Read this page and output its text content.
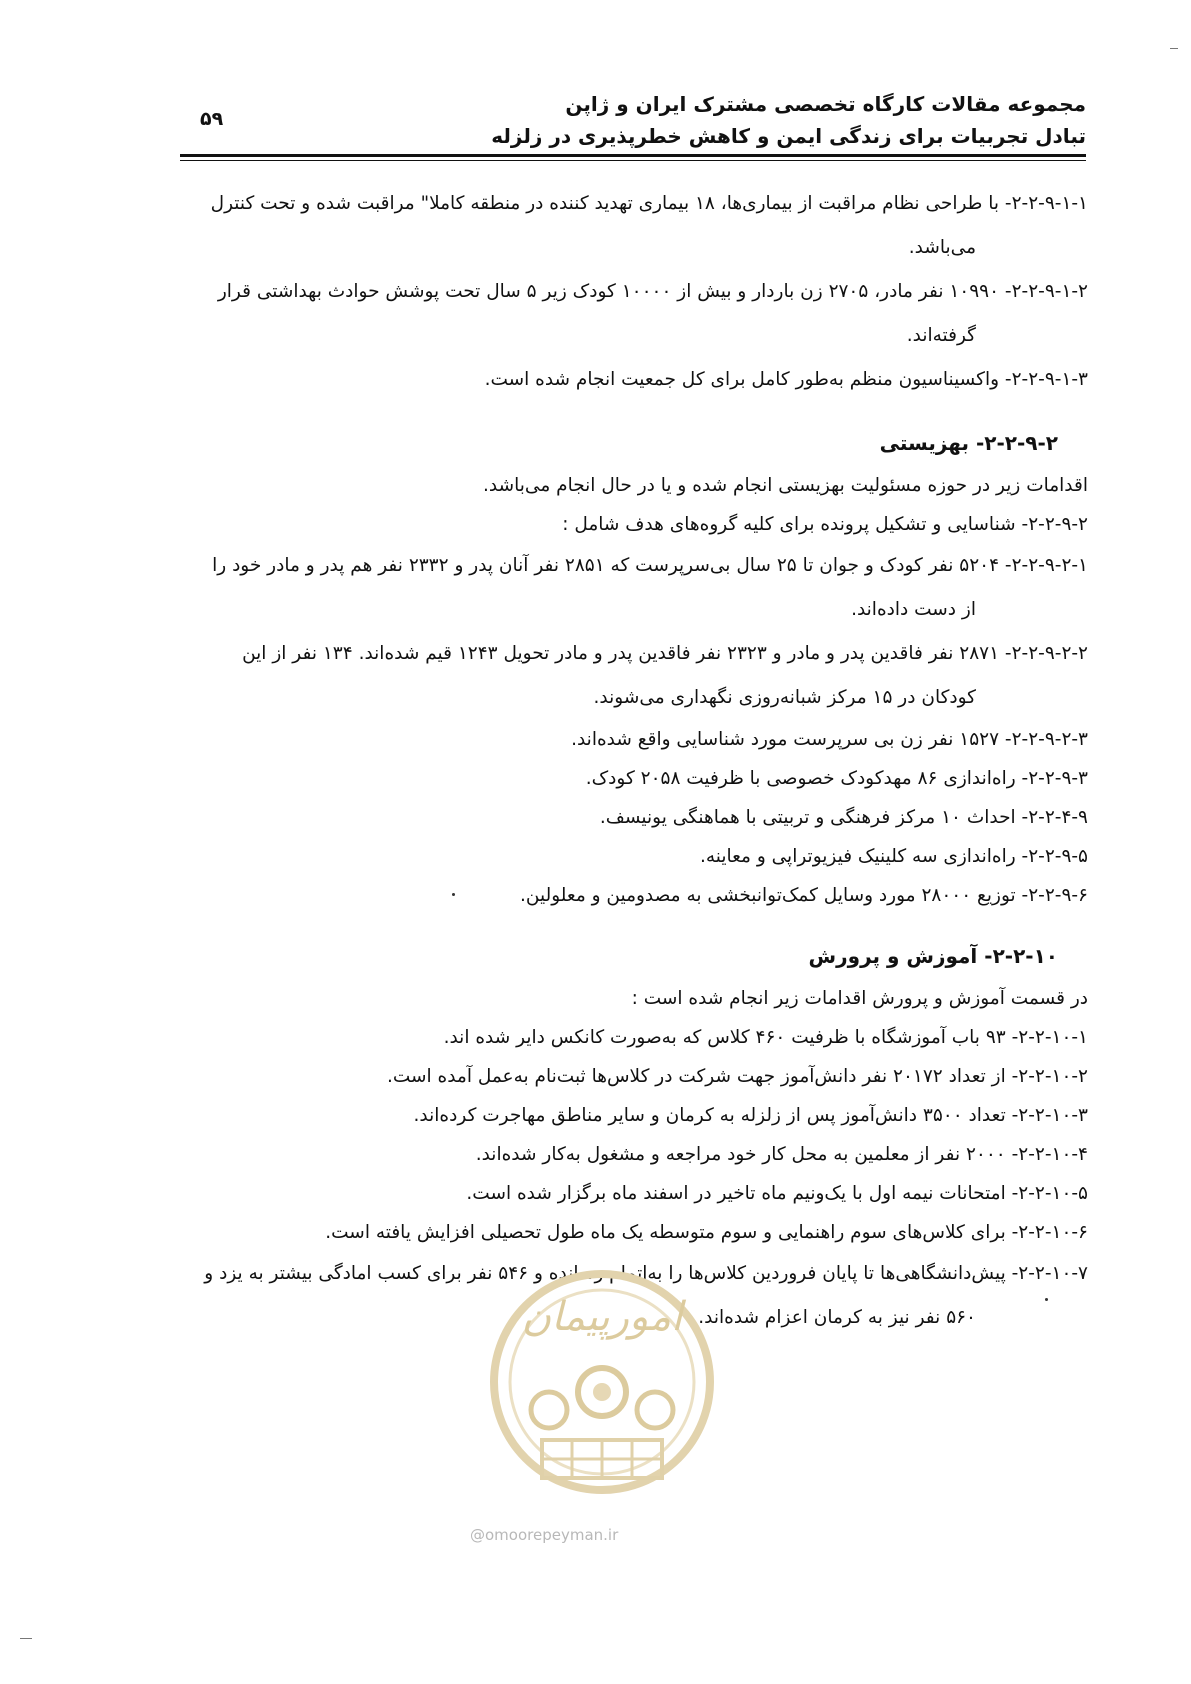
۵۹
مجموعه مقالات کارگاه تخصصی مشترک ایران و ژاپن
تبادل تجربیات برای زندگی ایمن و کاهش خطرپذیری در زلزله

۲-۲-۹-۱-۱- با طراحی نظام مراقبت از بیماری‌ها، ۱۸ بیماری تهدید کننده در منطقه کاملا" مراقبت شده و تحت کنترل

می‌باشد.

۲-۲-۹-۱-۲- ۱۰۹۹۰ نفر مادر، ۲۷۰۵ زن باردار و بیش از ۱۰۰۰۰ کودک زیر ۵ سال تحت پوشش حوادث بهداشتی قرار

گرفته‌اند.

۲-۲-۹-۱-۳- واکسیناسیون منظم به‌طور کامل برای کل جمعیت انجام شده است.

۲-۲-۹-۲- بهزیستی

اقدامات زیر در حوزه مسئولیت بهزیستی انجام شده و یا در حال انجام می‌باشد.

۲-۲-۹-۲- شناسایی و تشکیل پرونده برای کلیه گروه‌های هدف شامل :

۲-۲-۹-۲-۱- ۵۲۰۴ نفر کودک و جوان تا ۲۵ سال بی‌سرپرست که ۲۸۵۱ نفر آنان پدر و ۲۳۳۲ نفر هم پدر و مادر خود را

از دست داده‌اند.

۲-۲-۹-۲-۲- ۲۸۷۱ نفر فاقدین پدر و مادر و ۲۳۲۳ نفر فاقدین پدر و مادر تحویل ۱۲۴۳ قیم شده‌اند. ۱۳۴ نفر از این

کودکان در ۱۵ مرکز شبانه‌روزی نگهداری می‌شوند.

۲-۲-۹-۲-۳- ۱۵۲۷ نفر زن بی سرپرست مورد شناسایی واقع شده‌اند.

۲-۲-۹-۳- راه‌اندازی ۸۶ مهدکودک خصوصی با ظرفیت ۲۰۵۸ کودک.

۲-۲-۴-۹- احداث ۱۰ مرکز فرهنگی و تربیتی با هماهنگی یونیسف.

۲-۲-۹-۵- راه‌اندازی سه کلینیک فیزیوتراپی و معاینه.

۲-۲-۹-۶- توزیع ۲۸۰۰۰ مورد وسایل کمک‌توانبخشی به مصدومین و معلولین.

۲-۲-۱۰- آموزش و پرورش

در قسمت آموزش و پرورش اقدامات زیر انجام شده است :

۲-۲-۱۰-۱- ۹۳ باب آموزشگاه با ظرفیت ۴۶۰ کلاس که به‌صورت کانکس دایر شده اند.

۲-۲-۱۰-۲- از تعداد ۲۰۱۷۲ نفر دانش‌آموز جهت شرکت در کلاس‌ها ثبت‌نام به‌عمل آمده است.

۲-۲-۱۰-۳- تعداد ۳۵۰۰ دانش‌آموز پس از زلزله به کرمان و سایر مناطق مهاجرت کرده‌اند.

۲-۲-۱۰-۴- ۲۰۰۰ نفر از معلمین به محل کار خود مراجعه و مشغول به‌کار شده‌اند.

۲-۲-۱۰-۵- امتحانات نیمه اول با یک‌ونیم ماه تاخیر در اسفند ماه برگزار شده است.

۲-۲-۱۰-۶- برای کلاس‌های سوم راهنمایی و سوم متوسطه یک ماه طول تحصیلی افزایش یافته است.

۲-۲-۱۰-۷- پیش‌دانشگاهی‌ها تا پایان فروردین کلاس‌ها را به‌اتمام رسانده و ۵۴۶ نفر برای کسب امادگی بیشتر به یزد و

۵۶۰ نفر نیز به کرمان اعزام شده‌اند.

امورپیمان
@omoorepeyman.ir
